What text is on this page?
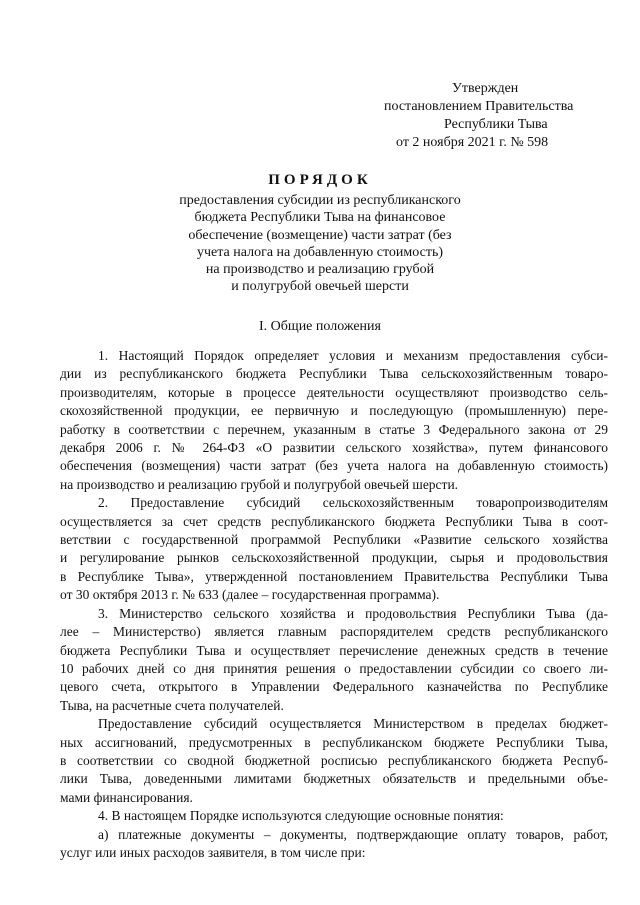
Утвержден
постановлением Правительства
Республики Тыва
от 2 ноября 2021 г. № 598
ПОРЯДОК
предоставления субсидии из республиканского
бюджета Республики Тыва на финансовое
обеспечение (возмещение) части затрат (без
учета налога на добавленную стоимость)
на производство и реализацию грубой
и полугрубой овечьей шерсти
I. Общие положения
1. Настоящий Порядок определяет условия и механизм предоставления субси-
дии из республиканского бюджета Республики Тыва сельскохозяйственным товаро-
производителям, которые в процессе деятельности осуществляют производство сель-
скохозяйственной продукции, ее первичную и последующую (промышленную) пере-
работку в соответствии с перечнем, указанным в статье 3 Федерального закона от 29
декабря 2006 г. № 264-ФЗ «О развитии сельского хозяйства», путем финансового
обеспечения (возмещения) части затрат (без учета налога на добавленную стоимость)
на производство и реализацию грубой и полугрубой овечьей шерсти.
2. Предоставление субсидий сельскохозяйственным товаропроизводителям
осуществляется за счет средств республиканского бюджета Республики Тыва в соот-
ветствии с государственной программой Республики «Развитие сельского хозяйства
и регулирование рынков сельскохозяйственной продукции, сырья и продовольствия
в Республике Тыва», утвержденной постановлением Правительства Республики Тыва
от 30 октября 2013 г. № 633 (далее – государственная программа).
3. Министерство сельского хозяйства и продовольствия Республики Тыва (да-
лее – Министерство) является главным распорядителем средств республиканского
бюджета Республики Тыва и осуществляет перечисление денежных средств в течение
10 рабочих дней со дня принятия решения о предоставлении субсидии со своего ли-
цевого счета, открытого в Управлении Федерального казначейства по Республике
Тыва, на расчетные счета получателей.
Предоставление субсидий осуществляется Министерством в пределах бюджет-
ных ассигнований, предусмотренных в республиканском бюджете Республики Тыва,
в соответствии со сводной бюджетной росписью республиканского бюджета Респуб-
лики Тыва, доведенными лимитами бюджетных обязательств и предельными объе-
мами финансирования.
4. В настоящем Порядке используются следующие основные понятия:
а) платежные документы – документы, подтверждающие оплату товаров, работ,
услуг или иных расходов заявителя, в том числе при:
